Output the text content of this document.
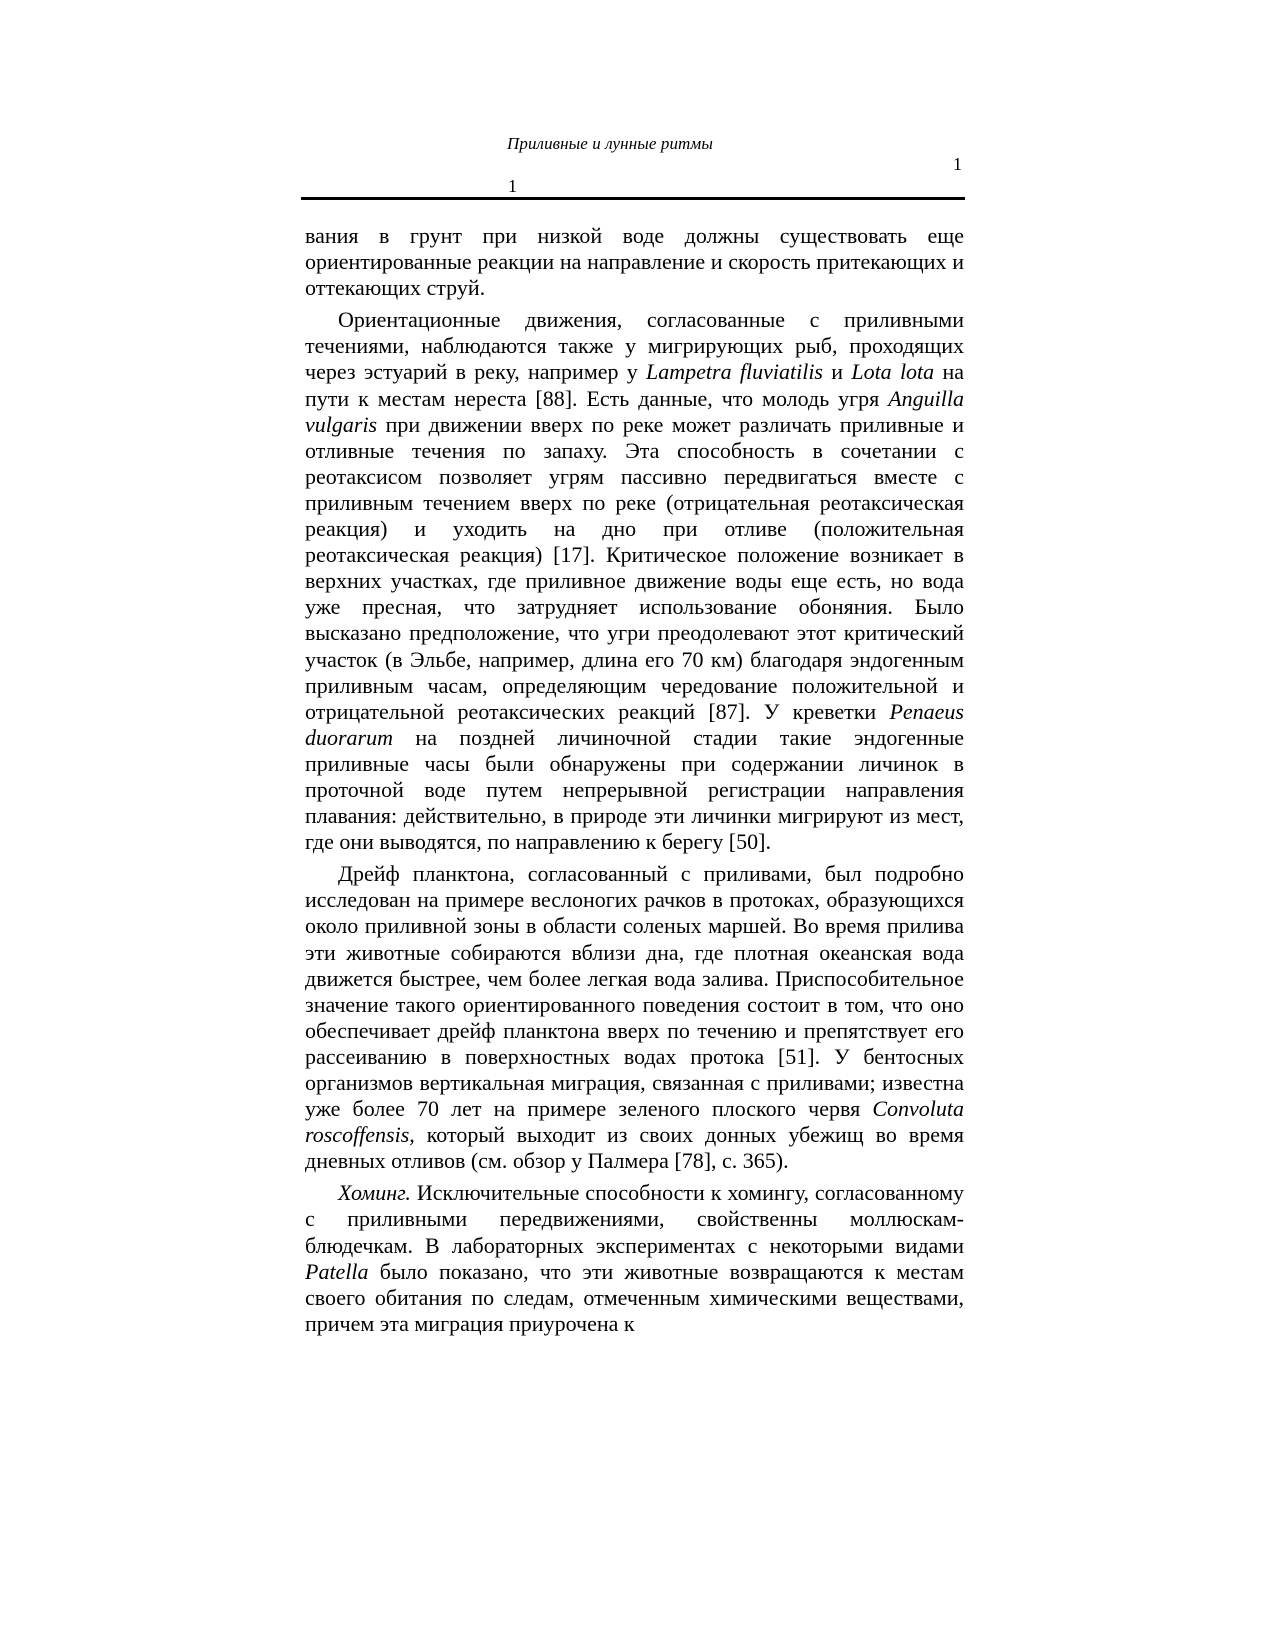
Приливные и лунные ритмы
1
1

вания в грунт при низкой воде должны существовать еще ориентированные реакции на направление и скорость притекающих и оттекающих струй.

Ориентационные движения, согласованные с приливными течениями, наблюдаются также у мигрирующих рыб, проходящих через эстуарий в реку, например у Lampetra fluviatilis и Lota lota на пути к местам нереста [88]. Есть данные, что молодь угря Anguilla vulgaris при движении вверх по реке может различать приливные и отливные течения по запаху. Эта способность в сочетании с реотаксисом позволяет угрям пассивно передвигаться вместе с приливным течением вверх по реке (отрицательная реотаксическая реакция) и уходить на дно при отливе (положительная реотаксическая реакция) [17]. Критическое положение возникает в верхних участках, где приливное движение воды еще есть, но вода уже пресная, что затрудняет использование обоняния. Было высказано предположение, что угри преодолевают этот критический участок (в Эльбе, например, длина его 70 км) благодаря эндогенным приливным часам, определяющим чередование положительной и отрицательной реотаксических реакций [87]. У креветки Penaeus duorarum на поздней личиночной стадии такие эндогенные приливные часы были обнаружены при содержании личинок в проточной воде путем непрерывной регистрации направления плавания: действительно, в природе эти личинки мигрируют из мест, где они выводятся, по направлению к берегу [50].

Дрейф планктона, согласованный с приливами, был подробно исследован на примере веслоногих рачков в протоках, образующихся около приливной зоны в области соленых маршей. Во время прилива эти животные собираются вблизи дна, где плотная океанская вода движется быстрее, чем более легкая вода залива. Приспособительное значение такого ориентированного поведения состоит в том, что оно обеспечивает дрейф планктона вверх по течению и препятствует его рассеиванию в поверхностных водах протока [51]. У бентосных организмов вертикальная миграция, связанная с приливами; известна уже более 70 лет на примере зеленого плоского червя Convoluta roscoffensis, который выходит из своих донных убежищ во время дневных отливов (см. обзор у Палмера [78], с. 365).

Хоминг. Исключительные способности к хомингу, согласованному с приливными передвижениями, свойственны моллюскам-блюдечкам. В лабораторных экспериментах с некоторыми видами Patella было показано, что эти животные возвращаются к местам своего обитания по следам, отмеченным химическими веществами, причем эта миграция приурочена к
